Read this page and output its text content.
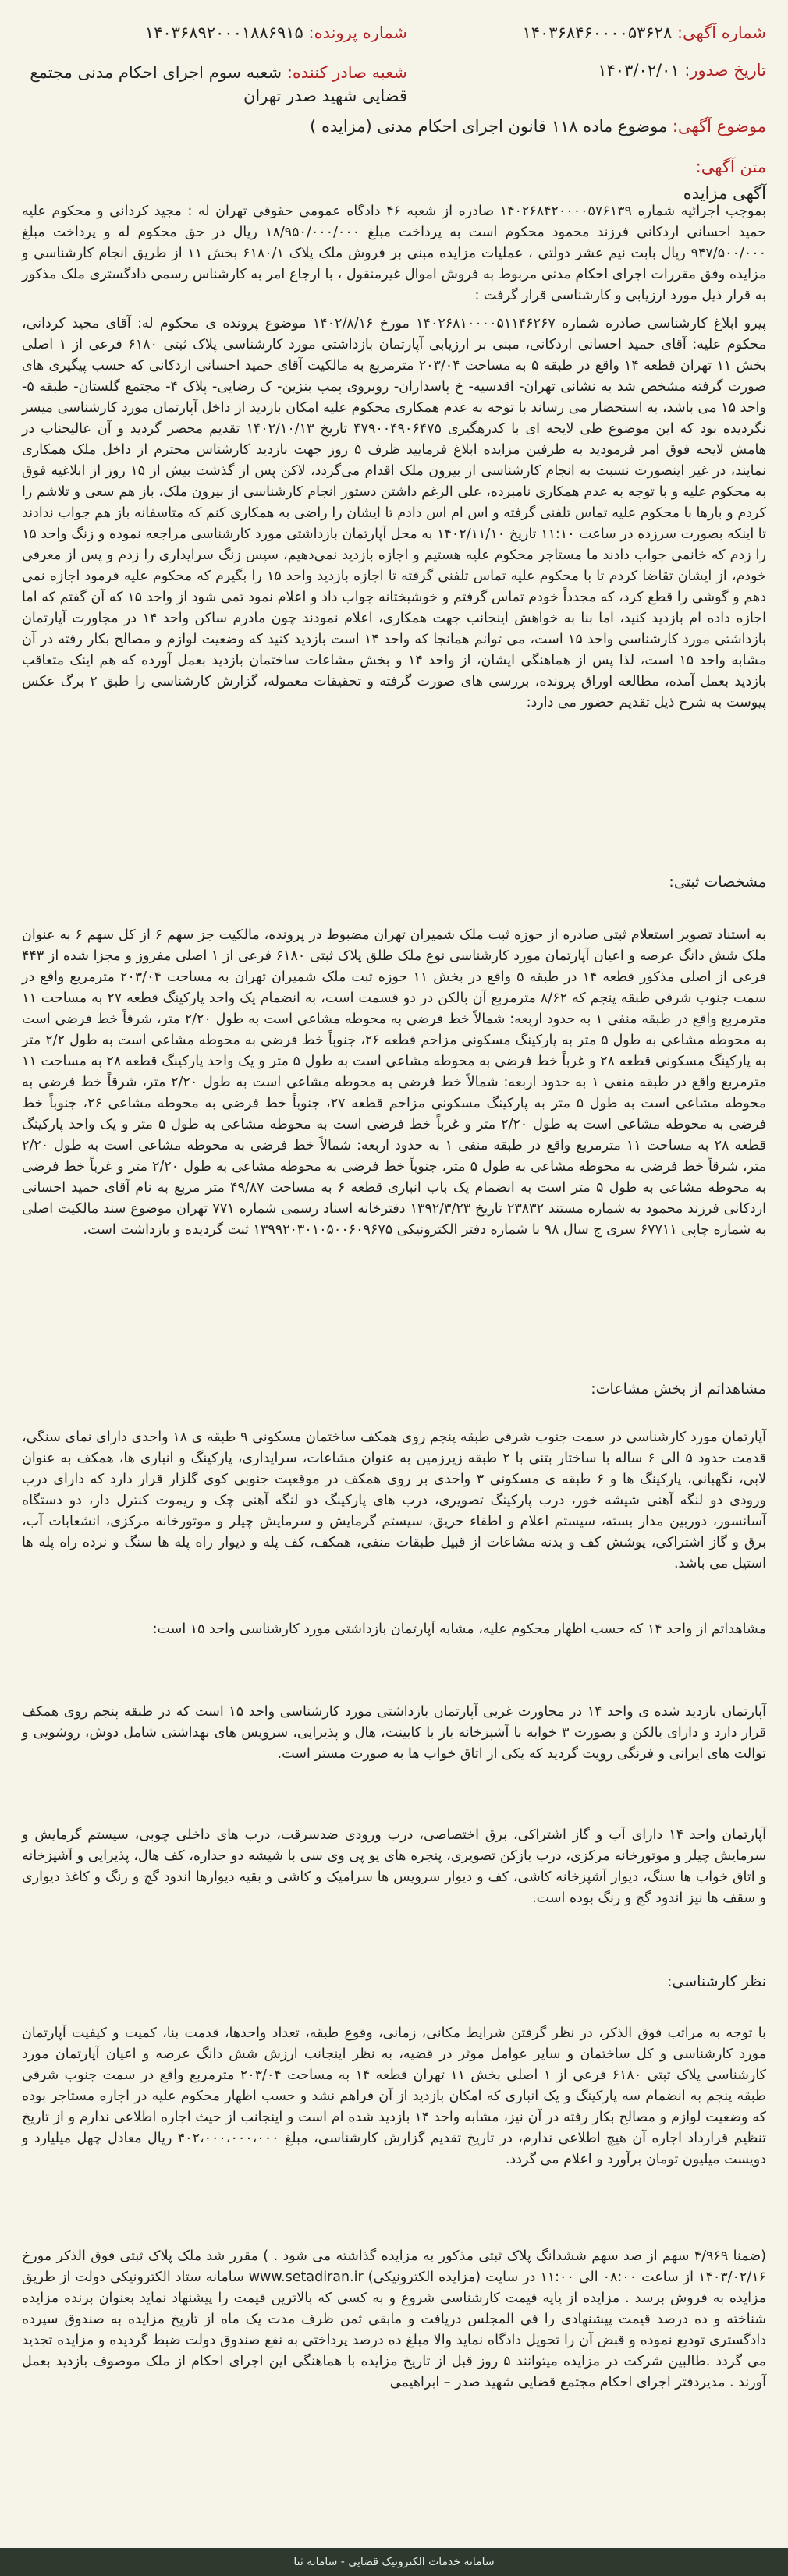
شماره آگهی: ۱۴۰۳۶۸۴۶۰۰۰۰۵۳۶۲۸
شماره پرونده: ۱۴۰۳۶۸۹۲۰۰۰۱۸۸۶۹۱۵
تاریخ صدور: ۱۴۰۳/۰۲/۰۱
شعبه صادر کننده: شعبه سوم اجرای احکام مدنی مجتمع قضایی شهید صدر تهران
موضوع آگهی: موضوع ماده ۱۱۸ قانون اجرای احکام مدنی (مزایده )
متن آگهی:
آگهی مزایده
بموجب اجرائیه شماره ۱۴۰۲۶۸۴۲۰۰۰۰۵۷۶۱۳۹ صادره از شعبه ۴۶ دادگاه عمومی حقوقی تهران له : مجید کردانی و محکوم علیه حمید احسانی اردکانی فرزند محمود محکوم است به پرداخت مبلغ ۱۸/۹۵۰/۰۰۰/۰۰۰ ریال در حق محکوم له و پرداخت مبلغ ۹۴۷/۵۰۰/۰۰۰ ریال بابت نیم عشر دولتی ، عملیات مزایده مبنی بر فروش ملک پلاک ۶۱۸۰/۱ بخش ۱۱ از طریق انجام کارشناسی و مزایده وفق مقررات اجرای احکام مدنی مربوط به فروش اموال غیرمنقول ، با ارجاع امر به کارشناس رسمی دادگستری ملک مذکور به قرار ذیل مورد ارزیابی و کارشناسی قرار گرفت :
پیرو ابلاغ کارشناسی صادره شماره ۱۴۰۲۶۸۱۰۰۰۰۵۱۱۴۶۲۶۷ مورخ ۱۴۰۲/۸/۱۶ موضوع پرونده ی محکوم له: آقای مجید کردانی، محکوم علیه: آقای حمید احسانی اردکانی، مبنی بر ارزیابی آپارتمان بازداشتی مورد کارشناسی پلاک ثبتی ۶۱۸۰ فرعی از ۱ اصلی بخش ۱۱ تهران قطعه ۱۴ واقع در طبقه ۵ به مساحت ۲۰۳/۰۴ مترمربع به مالکیت آقای حمید احسانی اردکانی که حسب پیگیری های صورت گرفته مشخص شد به نشانی تهران- اقدسیه- خ پاسداران- روبروی پمپ بنزین- ک رضایی- پلاک ۴- مجتمع گلستان- طبقه ۵- واحد ۱۵ می باشد، به استحضار می رساند با توجه به عدم همکاری محکوم علیه امکان بازدید از داخل آپارتمان مورد کارشناسی میسر نگردیده بود که این موضوع طی لایحه ای با کدرهگیری ۴۷۹۰۰۴۹۰۶۴۷۵ تاریخ ۱۴۰۲/۱۰/۱۳ تقدیم محضر گردید و آن عالیجناب در هامش لایحه فوق امر فرمودید به طرفین مزایده ابلاغ فرمایید ظرف ۵ روز جهت بازدید کارشناس محترم از داخل ملک همکاری نمایند، در غیر اینصورت نسبت به انجام کارشناسی از بیرون ملک اقدام می‌گردد، لاکن پس از گذشت بیش از ۱۵ روز از ابلاغیه فوق به محکوم علیه و با توجه به عدم همکاری نامبرده، علی الرغم داشتن دستور انجام کارشناسی از بیرون ملک، باز هم سعی و تلاشم را کردم و بارها با محکوم علیه تماس تلفنی گرفته و اس ام اس دادم تا ایشان را راضی به همکاری کنم که متاسفانه باز هم جواب ندادند تا اینکه بصورت سرزده در ساعت ۱۱:۱۰ تاریخ ۱۴۰۲/۱۱/۱۰ به محل آپارتمان بازداشتی مورد کارشناسی مراجعه نموده و زنگ واحد ۱۵ را زدم که خانمی جواب دادند ما مستاجر محکوم علیه هستیم و اجازه بازدید نمی‌دهیم، سپس زنگ سرایداری را زدم و پس از معرفی خودم، از ایشان تقاضا کردم تا با محکوم علیه تماس تلفنی گرفته تا اجازه بازدید واحد ۱۵ را بگیرم که محکوم علیه فرمود اجازه نمی دهم و گوشی را قطع کرد، که مجدداً خودم تماس گرفتم و خوشبختانه جواب داد و اعلام نمود تمی شود از واحد ۱۵ که آن گفتم که اما اجازه داده ام بازدید کنید، اما بنا به خواهش اینجانب جهت همکاری، اعلام نمودند چون مادرم ساکن واحد ۱۴ در مجاورت آپارتمان بازداشتی مورد کارشناسی واحد ۱۵ است، می توانم همانجا که واحد ۱۴ است بازدید کنید که وضعیت لوازم و مصالح بکار رفته در آن مشابه واحد ۱۵ است، لذا پس از هماهنگی ایشان، از واحد ۱۴ و بخش مشاعات ساختمان بازدید بعمل آورده که هم اینک متعاقب بازدید بعمل آمده، مطالعه اوراق پرونده، بررسی های صورت گرفته و تحقیقات معموله، گزارش کارشناسی را طبق ۲ برگ عکس پیوست به شرح ذیل تقدیم حضور می دارد:
مشخصات ثبتی:
به استناد تصویر استعلام ثبتی صادره از حوزه ثبت ملک شمیران تهران مضبوط در پرونده، مالکیت جز سهم ۶ از کل سهم ۶ به عنوان ملک شش دانگ عرصه و اعیان آپارتمان مورد کارشناسی نوع ملک طلق پلاک ثبتی ۶۱۸۰ فرعی از ۱ اصلی مفروز و مجزا شده از ۴۴۳ فرعی از اصلی مذکور قطعه ۱۴ در طبقه ۵ واقع در بخش ۱۱ حوزه ثبت ملک شمیران تهران به مساحت ۲۰۳/۰۴ مترمربع واقع در سمت جنوب شرقی طبقه پنجم که ۸/۶۲ مترمربع آن بالکن در دو قسمت است، به انضمام یک واحد پارکینگ قطعه ۲۷ به مساحت ۱۱ مترمربع واقع در طبقه منفی ۱ به حدود اربعه: شمالاً خط فرضی به محوطه مشاعی است به طول ۲/۲۰ متر، شرقاً خط فرضی است به محوطه مشاعی به طول ۵ متر به پارکینگ مسکونی مزاحم قطعه ۲۶، جنوباً خط فرضی به محوطه مشاعی است به طول ۲/۲ متر به پارکینگ مسکونی قطعه ۲۸ و غرباً خط فرضی به محوطه مشاعی است به طول ۵ متر و یک واحد پارکینگ قطعه ۲۸ به مساحت ۱۱ مترمربع واقع در طبقه منفی ۱ به حدود اربعه: شمالاً خط فرضی به محوطه مشاعی است به طول ۲/۲۰ متر، شرقاً خط فرضی به محوطه مشاعی است به طول ۵ متر به پارکینگ مسکونی مزاحم قطعه ۲۷، جنوباً خط فرضی به محوطه مشاعی ۲۶، جنوباً خط فرضی به محوطه مشاعی است به طول ۲/۲۰ متر و غرباً خط فرضی است به محوطه مشاعی به طول ۵ متر و یک واحد پارکینگ قطعه ۲۸ به مساحت ۱۱ مترمربع واقع در طبقه منفی ۱ به حدود اربعه: شمالاً خط فرضی به محوطه مشاعی است به طول ۲/۲۰ متر، شرقاً خط فرضی به محوطه مشاعی به طول ۵ متر، جنوباً خط فرضی به محوطه مشاعی به طول ۲/۲۰ متر و غرباً خط فرضی به محوطه مشاعی به طول ۵ متر است به انضمام یک باب انباری قطعه ۶ به مساحت ۴۹/۸۷ متر مربع به نام آقای حمید احسانی اردکانی فرزند محمود به شماره مستند ۲۳۸۳۲ تاریخ ۱۳۹۲/۳/۲۳ دفترخانه اسناد رسمی شماره ۷۷۱ تهران موضوع سند مالکیت اصلی به شماره چاپی ۶۷۷۱۱ سری ج سال ۹۸ با شماره دفتر الکترونیکی ۱۳۹۹۲۰۳۰۱۰۵۰۰۶۰۹۶۷۵ ثبت گردیده و بازداشت است.
مشاهداتم از بخش مشاعات:
آپارتمان مورد کارشناسی در سمت جنوب شرقی طبقه پنجم روی همکف ساختمان مسکونی ۹ طبقه ی ۱۸ واحدی دارای نمای سنگی، قدمت حدود ۵ الی ۶ ساله با ساختار بتنی با ۲ طبقه زیرزمین به عنوان مشاعات، سرایداری، پارکینگ و انباری ها، همکف به عنوان لابی، نگهبانی، پارکینگ ها و ۶ طبقه ی مسکونی ۳ واحدی بر روی همکف در موقعیت جنوبی کوی گلزار قرار دارد که دارای درب ورودی دو لنگه آهنی شیشه خور، درب پارکینگ تصویری، درب های پارکینگ دو لنگه آهنی چک و ریموت کنترل دار، دو دستگاه آسانسور، دوربین مدار بسته، سیستم اعلام و اطفاء حریق، سیستم گرمایش و سرمایش چیلر و موتورخانه مرکزی، انشعابات آب، برق و گاز اشتراکی، پوشش کف و بدنه مشاعات از قبیل طبقات منفی، همکف، کف پله و دیوار راه پله ها سنگ و نرده راه پله ها استیل می باشد.
مشاهداتم از واحد ۱۴ که حسب اظهار محکوم علیه، مشابه آپارتمان بازداشتی مورد کارشناسی واحد ۱۵ است:
آپارتمان بازدید شده ی واحد ۱۴ در مجاورت غربی آپارتمان بازداشتی مورد کارشناسی واحد ۱۵ است که در طبقه پنجم روی همکف قرار دارد و دارای بالکن و بصورت ۳ خوابه با آشپزخانه باز با کابینت، هال و پذیرایی، سرویس های بهداشتی شامل دوش، روشویی و توالت های ایرانی و فرنگی رویت گردید که یکی از اتاق خواب ها به صورت مستر است.
آپارتمان واحد ۱۴ دارای آب و گاز اشتراکی، برق اختصاصی، درب ورودی ضدسرقت، درب های داخلی چوبی، سیستم گرمایش و سرمایش چیلر و موتورخانه مرکزی، درب بازکن تصویری، پنجره های یو پی وی سی با شیشه دو جداره، کف هال، پذیرایی و آشپزخانه و اتاق خواب ها سنگ، دیوار آشپزخانه کاشی، کف و دیوار سرویس ها سرامیک و کاشی و بقیه دیوارها اندود گچ و رنگ و کاغذ دیواری و سقف ها نیز اندود گچ و رنگ بوده است.
نظر کارشناسی:
با توجه به مراتب فوق الذکر، در نظر گرفتن شرایط مکانی، زمانی، وقوع طبقه، تعداد واحدها، قدمت بنا، کمیت و کیفیت آپارتمان مورد کارشناسی و کل ساختمان و سایر عوامل موثر در قضیه، به نظر اینجانب ارزش شش دانگ عرصه و اعیان آپارتمان مورد کارشناسی پلاک ثبتی ۶۱۸۰ فرعی از ۱ اصلی بخش ۱۱ تهران قطعه ۱۴ به مساحت ۲۰۳/۰۴ مترمربع واقع در سمت جنوب شرقی طبقه پنجم به انضمام سه پارکینگ و یک انباری که امکان بازدید از آن فراهم نشد و حسب اظهار محکوم علیه در اجاره مستاجر بوده که وضعیت لوازم و مصالح بکار رفته در آن نیز، مشابه واحد ۱۴ بازدید شده ام است و اینجانب از حیث اجاره اطلاعی ندارم و از تاریخ تنظیم قرارداد اجاره آن هیچ اطلاعی ندارم، در تاریخ تقدیم گزارش کارشناسی، مبلغ ۴۰۲،۰۰۰،۰۰۰،۰۰۰ ریال معادل چهل میلیارد و دویست میلیون تومان برآورد و اعلام می گردد.
(ضمنا ۴/۹۶۹ سهم از صد سهم ششدانگ پلاک ثبتی مذکور به مزایده گذاشته می شود . ) مقرر شد ملک پلاک ثبتی فوق الذکر مورخ ۱۴۰۳/۰۲/۱۶ از ساعت ۰۸:۰۰ الی ۱۱:۰۰ در سایت (مزایده الکترونیکی) www.setadiran.ir سامانه ستاد الکترونیکی دولت از طریق مزایده به فروش برسد . مزایده از پایه قیمت کارشناسی شروع و به کسی که بالاترین قیمت را پیشنهاد نماید بعنوان برنده مزایده شناخته و ده درصد قیمت پیشنهادی را فی المجلس دریافت و مابقی ثمن ظرف مدت یک ماه از تاریخ مزایده به صندوق سپرده دادگستری تودیع نموده و قبض آن را تحویل دادگاه نماید والا مبلغ ده درصد پرداختی به نفع صندوق دولت ضبط گردیده و مزایده تجدید می گردد .طالبین شرکت در مزایده میتوانند ۵ روز قبل از تاریخ مزایده با هماهنگی این اجرای احکام از ملک موصوف بازدید بعمل آورند . مدیردفتر اجرای احکام مجتمع قضایی شهید صدر – ابراهیمی
سامانه خدمات الکترونیک قضایی - سامانه ثنا
